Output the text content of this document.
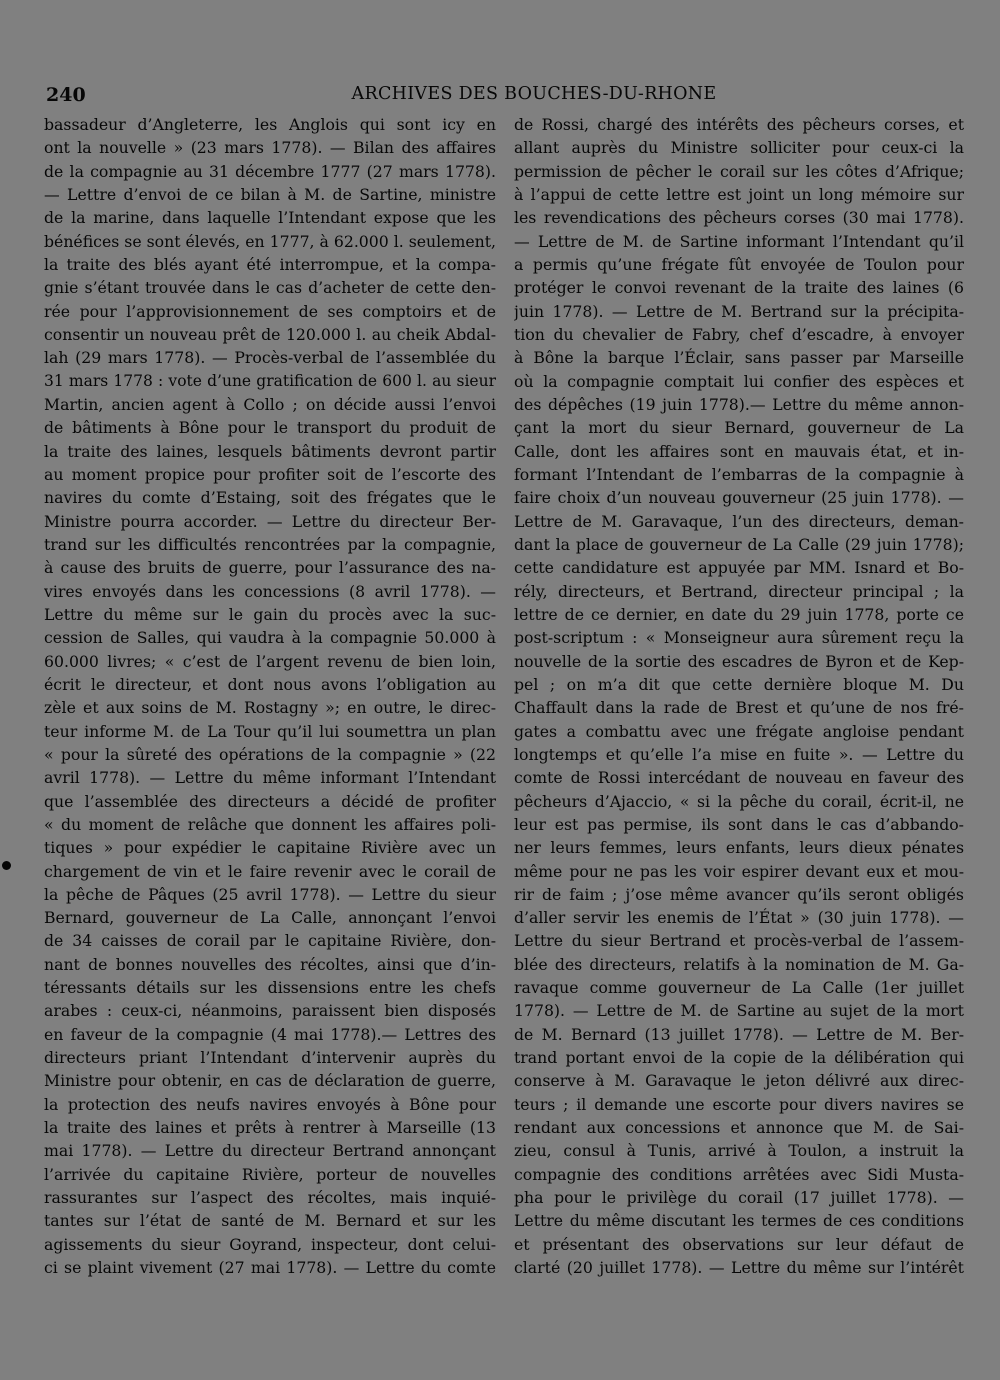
240	ARCHIVES DES BOUCHES-DU-RHONE
bassadeur d’Angleterre, les Anglois qui sont icy en
ont la nouvelle » (23 mars 1778). — Bilan des affaires
de la compagnie au 31 décembre 1777 (27 mars 1778).
— Lettre d’envoi de ce bilan à M. de Sartine, ministre
de la marine, dans laquelle l’Intendant expose que les
bénéfices se sont élevés, en 1777, à 62.000 l. seulement,
la traite des blés ayant été interrompue, et la compa-
gnie s’étant trouvée dans le cas d’acheter de cette den-
rée pour l’approvisionnement de ses comptoirs et de
consentir un nouveau prêt de 120.000 l. au cheik Abdal-
lah (29 mars 1778). — Procès-verbal de l’assemblée du
31 mars 1778 : vote d’une gratification de 600 l. au sieur
Martin, ancien agent à Collo ; on décide aussi l’envoi
de bâtiments à Bône pour le transport du produit de
la traite des laines, lesquels bâtiments devront partir
au moment propice pour profiter soit de l’escorte des
navires du comte d’Estaing, soit des frégates que le
Ministre pourra accorder. — Lettre du directeur Ber-
trand sur les difficultés rencontrées par la compagnie,
à cause des bruits de guerre, pour l’assurance des na-
vires envoyés dans les concessions (8 avril 1778). —
Lettre du même sur le gain du procès avec la suc-
cession de Salles, qui vaudra à la compagnie 50.000 à
60.000 livres; « c’est de l’argent revenu de bien loin,
écrit le directeur, et dont nous avons l’obligation au
zèle et aux soins de M. Rostagny »; en outre, le direc-
teur informe M. de La Tour qu’il lui soumettra un plan
« pour la sûreté des opérations de la compagnie » (22
avril 1778). — Lettre du même informant l’Intendant
que l’assemblée des directeurs a décidé de profiter
« du moment de relâche que donnent les affaires poli-
tiques » pour expédier le capitaine Rivière avec un
chargement de vin et le faire revenir avec le corail de
la pêche de Pâques (25 avril 1778). — Lettre du sieur
Bernard, gouverneur de La Calle, annonçant l’envoi
de 34 caisses de corail par le capitaine Rivière, don-
nant de bonnes nouvelles des récoltes, ainsi que d’in-
téressants détails sur les dissensions entre les chefs
arabes : ceux-ci, néanmoins, paraissent bien disposés
en faveur de la compagnie (4 mai 1778).— Lettres des
directeurs priant l’Intendant d’intervenir auprès du
Ministre pour obtenir, en cas de déclaration de guerre,
la protection des neufs navires envoyés à Bône pour
la traite des laines et prêts à rentrer à Marseille (13
mai 1778). — Lettre du directeur Bertrand annonçant
l’arrivée du capitaine Rivière, porteur de nouvelles
rassurantes sur l’aspect des récoltes, mais inquié-
tantes sur l’état de santé de M. Bernard et sur les
agissements du sieur Goyrand, inspecteur, dont celui-
ci se plaint vivement (27 mai 1778). — Lettre du comte
de Rossi, chargé des intérêts des pêcheurs corses, et
allant auprès du Ministre solliciter pour ceux-ci la
permission de pêcher le corail sur les côtes d’Afrique;
à l’appui de cette lettre est joint un long mémoire sur
les revendications des pêcheurs corses (30 mai 1778).
— Lettre de M. de Sartine informant l’Intendant qu’il
a permis qu’une frégate fût envoyée de Toulon pour
protéger le convoi revenant de la traite des laines (6
juin 1778). — Lettre de M. Bertrand sur la précipita-
tion du chevalier de Fabry, chef d’escadre, à envoyer
à Bône la barque l’Éclair, sans passer par Marseille
où la compagnie comptait lui confier des espèces et
des dépêches (19 juin 1778).— Lettre du même annon-
çant la mort du sieur Bernard, gouverneur de La
Calle, dont les affaires sont en mauvais état, et in-
formant l’Intendant de l’embarras de la compagnie à
faire choix d’un nouveau gouverneur (25 juin 1778). —
Lettre de M. Garavaque, l’un des directeurs, deman-
dant la place de gouverneur de La Calle (29 juin 1778);
cette candidature est appuyée par MM. Isnard et Bo-
rély, directeurs, et Bertrand, directeur principal ; la
lettre de ce dernier, en date du 29 juin 1778, porte ce
post-scriptum : « Monseigneur aura sûrement reçu la
nouvelle de la sortie des escadres de Byron et de Kep-
pel ; on m’a dit que cette dernière bloque M. Du
Chaffault dans la rade de Brest et qu’une de nos fré-
gates a combattu avec une frégate angloise pendant
longtemps et qu’elle l’a mise en fuite ». — Lettre du
comte de Rossi intercédant de nouveau en faveur des
pêcheurs d’Ajaccio, « si la pêche du corail, écrit-il, ne
leur est pas permise, ils sont dans le cas d’abbando-
ner leurs femmes, leurs enfants, leurs dieux pénates
même pour ne pas les voir espirer devant eux et mou-
rir de faim ; j’ose même avancer qu’ils seront obligés
d’aller servir les enemis de l’État » (30 juin 1778). —
Lettre du sieur Bertrand et procès-verbal de l’assem-
blée des directeurs, relatifs à la nomination de M. Ga-
ravaque comme gouverneur de La Calle (1er juillet
1778). — Lettre de M. de Sartine au sujet de la mort
de M. Bernard (13 juillet 1778). — Lettre de M. Ber-
trand portant envoi de la copie de la délibération qui
conserve à M. Garavaque le jeton délivré aux direc-
teurs ; il demande une escorte pour divers navires se
rendant aux concessions et annonce que M. de Sai-
zieu, consul à Tunis, arrivé à Toulon, a instruit la
compagnie des conditions arrêtées avec Sidi Musta-
pha pour le privilège du corail (17 juillet 1778). —
Lettre du même discutant les termes de ces conditions
et présentant des observations sur leur défaut de
clarté (20 juillet 1778). — Lettre du même sur l’intérêt
